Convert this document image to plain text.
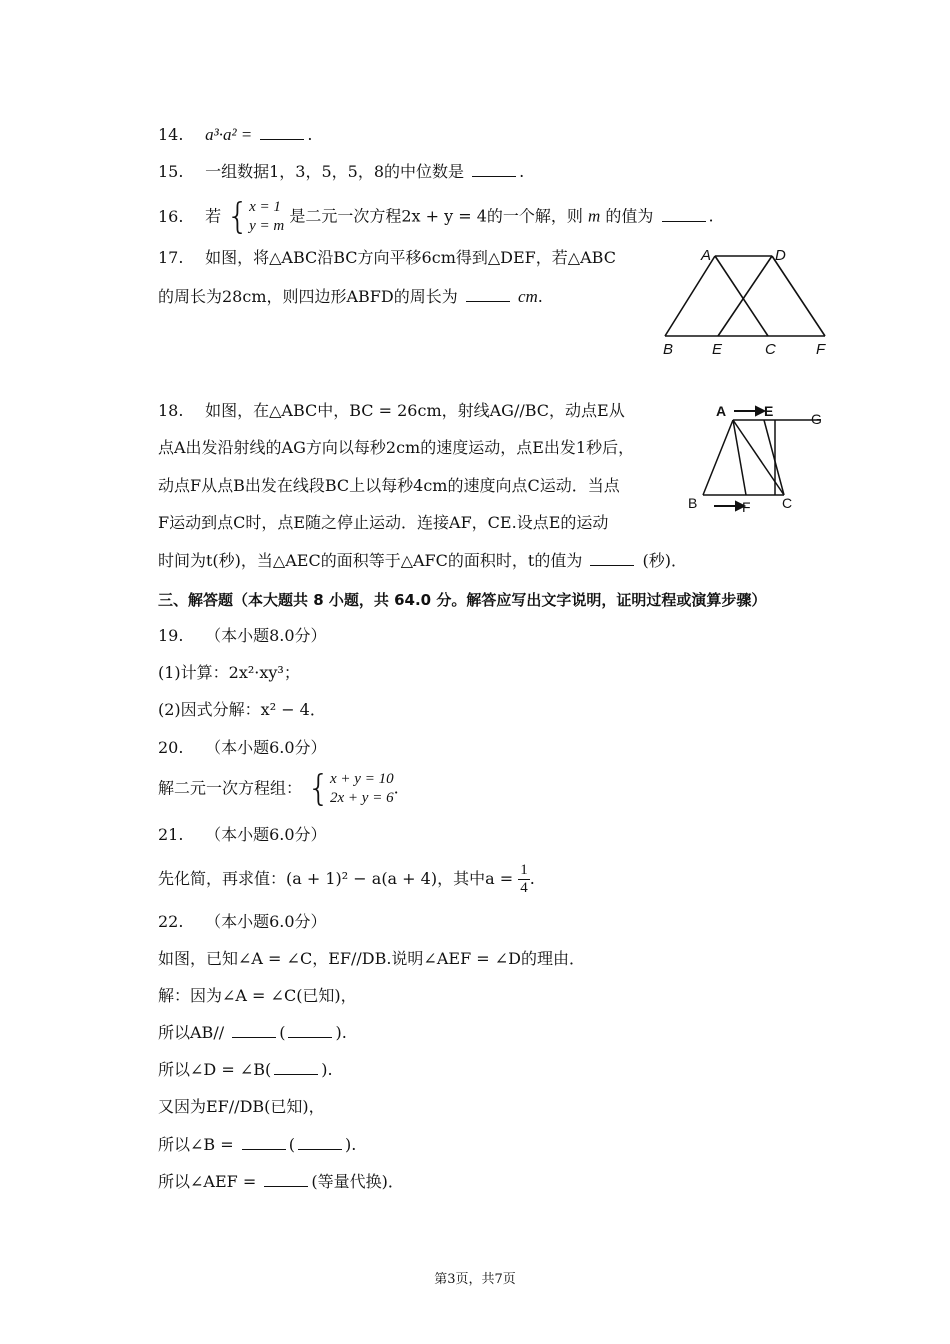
14. a³·a² =	.
15. 一组数据1，3，5，5，8的中位数是	.
16. 若 { x = 1
y = m
是二元一次方程2x + y = 4的一个解，则 m 的值为	.
17. 如图，将△ABC沿BC方向平移6cm得到△DEF，若△ABC
的周长为28cm，则四边形ABFD的周长为	cm.
A	D
B	E	C	F
18. 如图，在△ABC中，BC = 26cm，射线AG//BC，动点E从
点A出发沿射线的AG方向以每秒2cm的速度运动，点E出发1秒后，
动点F从点B出发在线段BC上以每秒4cm的速度向点C运动．当点
F运动到点C时，点E随之停止运动．连接AF，CE.设点E的运动
时间为t(秒)，当△AEC的面积等于△AFC的面积时，t的值为	(秒)．
A	E	G
B	F C
三、解答题（本大题共 8 小题，共 64.0 分。解答应写出文字说明，证明过程或演算步骤）
19. （本小题8.0分）
(1)计算：2x²·xy³；
(2)因式分解：x² − 4．
20. （本小题6.0分）
解二元一次方程组： { x + y = 10
2x + y = 6
.
21. （本小题6.0分）
先化简，再求值：(a + 1)² − a(a + 4)，其中$a = \frac{1}{4}$ .
22. （本小题6.0分）
如图，已知∠A = ∠C，EF//DB.说明∠AEF = ∠D的理由．
解：因为∠A = ∠C(已知)，
所以AB//	(	).
所以∠D = ∠B(	).
又因为EF//DB(已知)，
所以∠B =	(	).
所以∠AEF =	(等量代换)．
第3页，共7页
